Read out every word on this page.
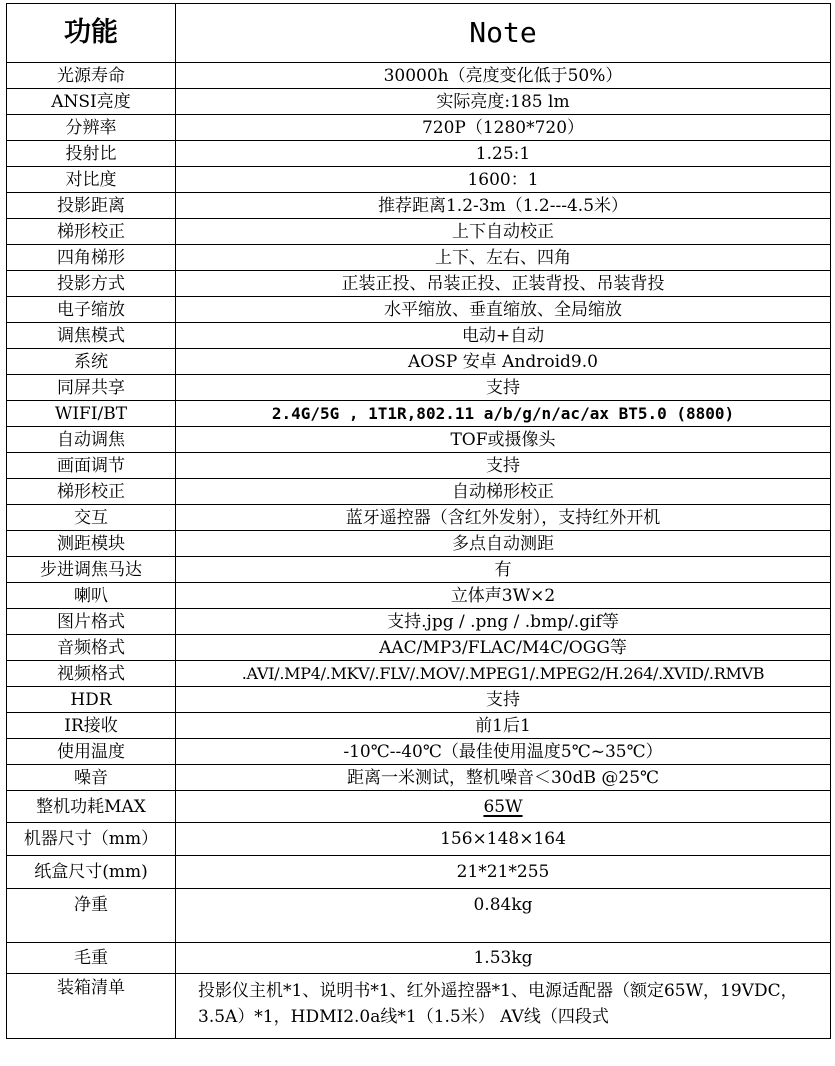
功能	Note
光源寿命	30000h（亮度变化低于50%）
ANSI亮度	实际亮度:185 lm
分辨率	720P（1280*720）
投射比	1.25:1
对比度	1600：1
投影距离	推荐距离1.2-3m（1.2---4.5米）
梯形校正	上下自动校正
四角梯形	上下、左右、四角
投影方式	正装正投、吊装正投、正装背投、吊装背投
电子缩放	水平缩放、垂直缩放、全局缩放
调焦模式	电动+自动
系统	AOSP 安卓 Android9.0
同屏共享	支持
WIFI/BT	2.4G/5G , 1T1R,802.11 a/b/g/n/ac/ax BT5.0 (8800)
自动调焦	TOF或摄像头
画面调节	支持
梯形校正	自动梯形校正
交互	蓝牙遥控器（含红外发射），支持红外开机
测距模块	多点自动测距
步进调焦马达	有
喇叭	立体声3W×2
图片格式	支持.jpg / .png / .bmp/.gif等
音频格式	AAC/MP3/FLAC/M4C/OGG等
视频格式	.AVI/.MP4/.MKV/.FLV/.MOV/.MPEG1/.MPEG2/H.264/.XVID/.RMVB
HDR	支持
IR接收	前1后1
使用温度	-10℃--40℃（最佳使用温度5℃~35℃）
噪音	距离一米测试，整机噪音＜30dB @25℃
整机功耗MAX	65W
机器尺寸（mm）	156×148×164
纸盒尺寸(mm)	21*21*255
净重	0.84kg
毛重	1.53kg
装箱清单	投影仪主机*1、说明书*1、红外遥控器*1、电源适配器（额定65W，19VDC，3.5A）*1，HDMI2.0a线*1（1.5米） AV线（四段式
